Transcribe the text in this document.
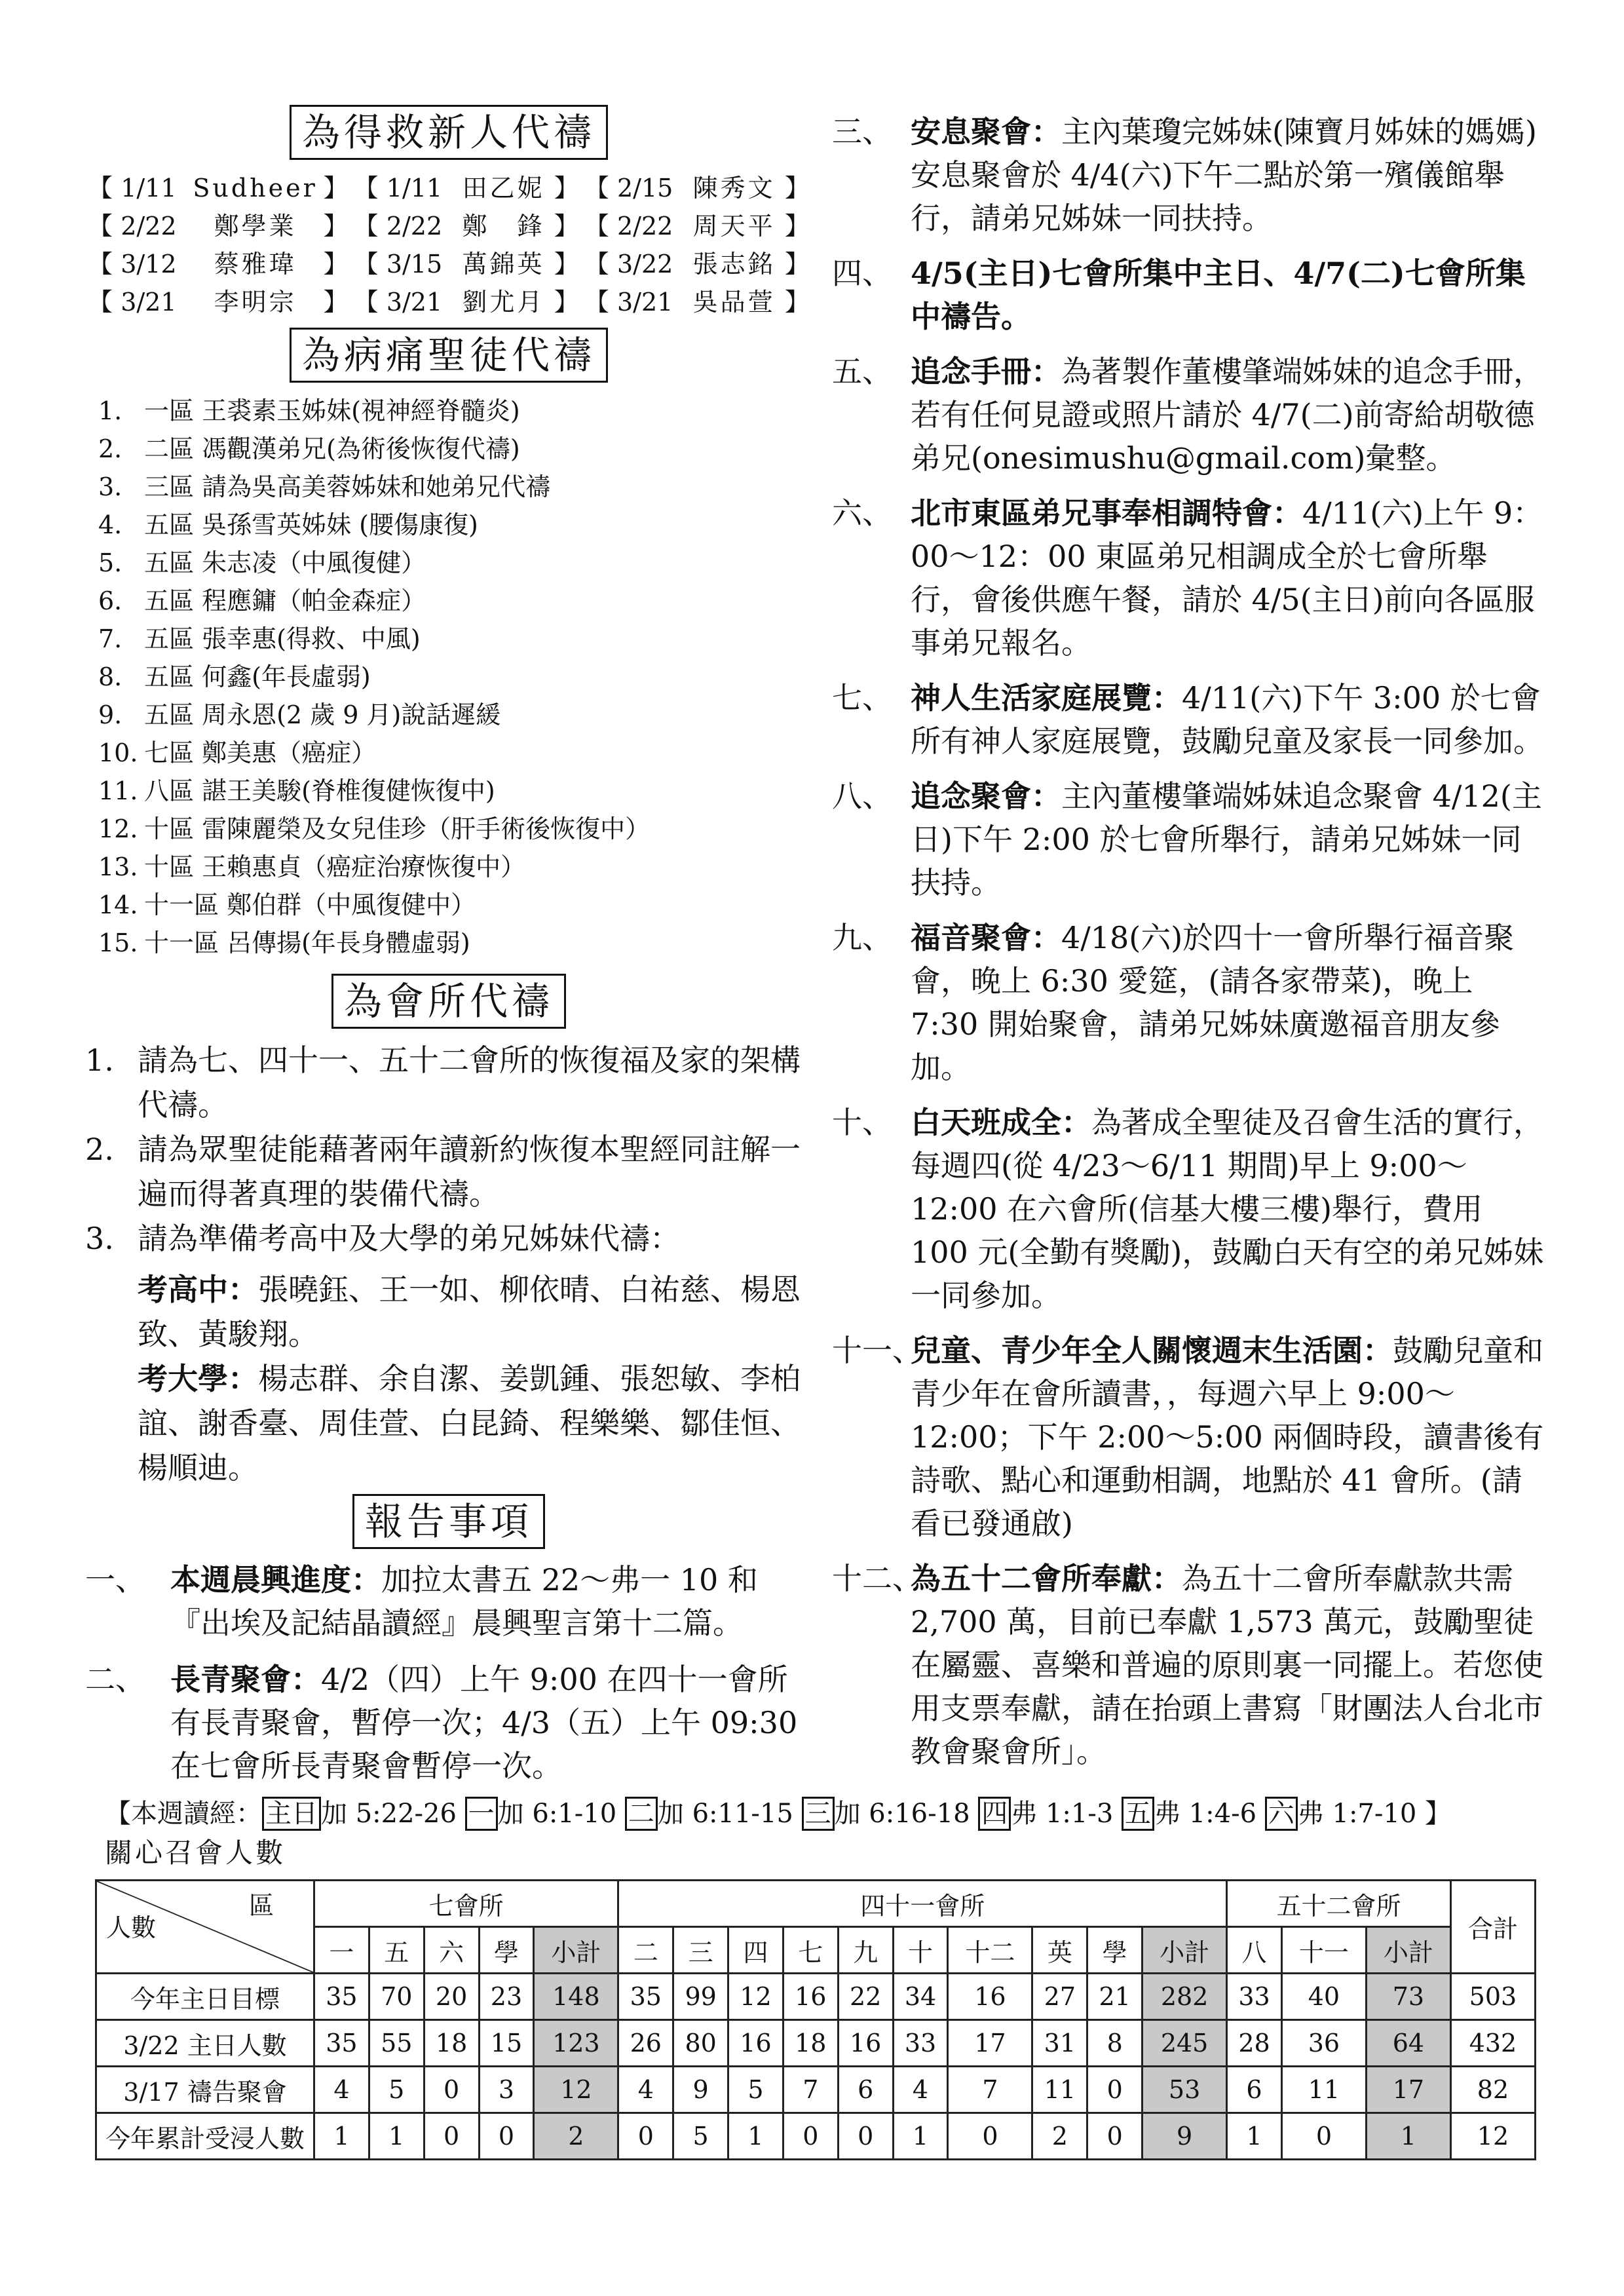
為得救新人代禱
【	1/11	Sudheer	】	【	1/11	田乙妮	】	【	2/15	陳秀文	】
【	2/22	鄭學業	】	【	2/22	鄭　鋒	】	【	2/22	周天平	】
【	3/12	蔡雅瑋	】	【	3/15	萬錦英	】	【	3/22	張志銘	】
【	3/21	李明宗	】	【	3/21	劉尤月	】	【	3/21	吳品萱	】
為病痛聖徒代禱
1. 一區 王裘素玉姊妹(視神經脊髓炎)
2. 二區 馮觀漢弟兄(為術後恢復代禱)
3. 三區 請為吳高美蓉姊妹和她弟兄代禱
4. 五區 吳孫雪英姊妹 (腰傷康復)
5. 五區 朱志凌（中風復健）
6. 五區 程應鏞（帕金森症）
7. 五區 張幸惠(得救、中風)
8. 五區 何鑫(年長虛弱)
9. 五區 周永恩(2 歲 9 月)說話遲緩
10. 七區 鄭美惠（癌症）
11. 八區 諶王美駿(脊椎復健恢復中)
12. 十區 雷陳麗榮及女兒佳珍（肝手術後恢復中）
13. 十區 王賴惠貞（癌症治療恢復中）
14. 十一區 鄭伯群（中風復健中）
15. 十一區 呂傳揚(年長身體虛弱)
為會所代禱
1. 請為七、四十一、五十二會所的恢復福及家的架構代禱。
2. 請為眾聖徒能藉著兩年讀新約恢復本聖經同註解一遍而得著真理的裝備代禱。
3. 請為準備考高中及大學的弟兄姊妹代禱：
考高中：張曉鈺、王一如、柳依晴、白祐慈、楊恩致、黃駿翔。
考大學：楊志群、余自潔、姜凱鍾、張恕敏、李柏誼、謝香臺、周佳萱、白昆錡、程樂樂、鄒佳恒、楊順迪。
報告事項
一、 本週晨興進度：加拉太書五 22～弗一 10 和『出埃及記結晶讀經』晨興聖言第十二篇。
二、 長青聚會：4/2（四）上午 9:00 在四十一會所有長青聚會，暫停一次；4/3（五）上午 09:30 在七會所長青聚會暫停一次。
三、 安息聚會：主內葉瓊完姊妹(陳寶月姊妹的媽媽)安息聚會於 4/4(六)下午二點於第一殯儀館舉行，請弟兄姊妹一同扶持。
四、 4/5(主日)七會所集中主日、4/7(二)七會所集中禱告。
五、 追念手冊：為著製作董樓肇端姊妹的追念手冊，若有任何見證或照片請於 4/7(二)前寄給胡敬德弟兄(onesimushu@gmail.com)彙整。
六、 北市東區弟兄事奉相調特會：4/11(六)上午 9：00～12：00 東區弟兄相調成全於七會所舉行，會後供應午餐，請於 4/5(主日)前向各區服事弟兄報名。
七、 神人生活家庭展覽：4/11(六)下午 3:00 於七會所有神人家庭展覽，鼓勵兒童及家長一同參加。
八、 追念聚會：主內董樓肇端姊妹追念聚會 4/12(主日)下午 2:00 於七會所舉行，請弟兄姊妹一同扶持。
九、 福音聚會：4/18(六)於四十一會所舉行福音聚會，晚上 6:30 愛筵，(請各家帶菜)，晚上 7:30 開始聚會，請弟兄姊妹廣邀福音朋友參加。
十、 白天班成全：為著成全聖徒及召會生活的實行，每週四(從 4/23～6/11 期間)早上 9:00～12:00 在六會所(信基大樓三樓)舉行，費用 100 元(全勤有獎勵)，鼓勵白天有空的弟兄姊妹一同參加。
十一、
兒童、青少年全人關懷週末生活園：鼓勵兒童和青少年在會所讀書，，每週六早上 9:00～12:00；下午 2:00～5:00 兩個時段，讀書後有詩歌、點心和運動相調，地點於 41 會所。(請看已發通啟)
十二、
為五十二會所奉獻：為五十二會所奉獻款共需 2,700 萬，目前已奉獻 1,573 萬元，鼓勵聖徒在屬靈、喜樂和普遍的原則裏一同擺上。若您使用支票奉獻，請在抬頭上書寫「財團法人台北市教會聚會所」。
【本週讀經： 主日 加 5:22-26 一 加 6:1-10 二 加 6:11-15 三 加 6:16-18 四 弗 1:1-3 五 弗 1:4-6 六 弗 1:7-10 】
關心召會人數
區
人數	七會所					四十一會所										五十二會所			合計
	一	五	六	學	小計	二	三	四	七	九	十	十二	英	學	小計	八	十一	小計	
今年主日目標	35	70	20	23	148	35	99	12	16	22	34	16	27	21	282	33	40	73	503
3/22 主日人數	35	55	18	15	123	26	80	16	18	16	33	17	31	8	245	28	36	64	432
3/17 禱告聚會	4	5	0	3	12	4	9	5	7	6	4	7	11	0	53	6	11	17	82
今年累計受浸人數	1	1	0	0	2	0	5	1	0	0	1	0	2	0	9	1	0	1	12
